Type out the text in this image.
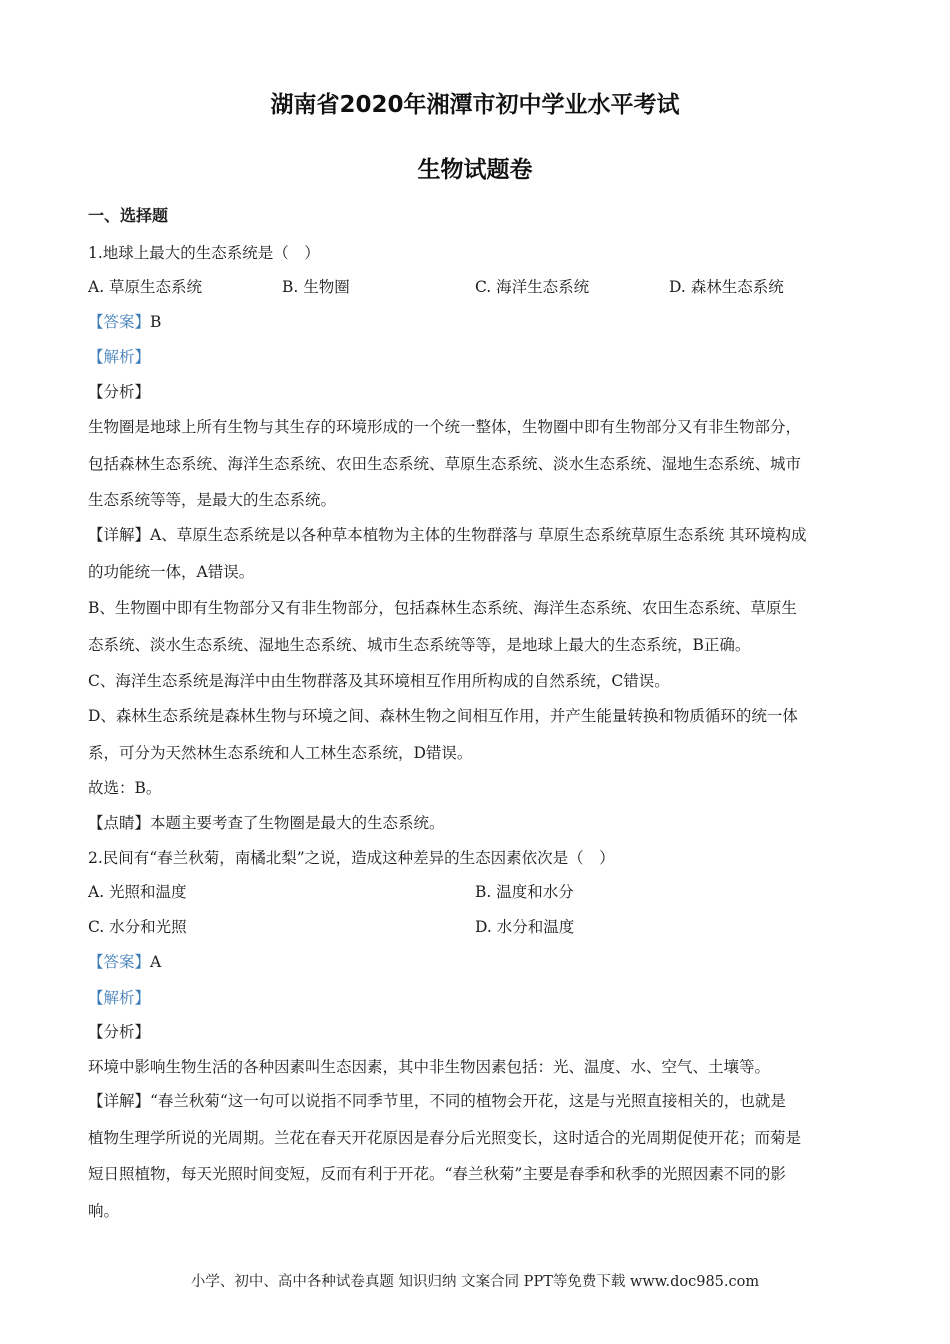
湖南省2020年湘潭市初中学业水平考试
生物试题卷
一、选择题
1.地球上最大的生态系统是（　）
A. 草原生态系统	B. 生物圈	C. 海洋生态系统	D. 森林生态系统
【答案】B
【解析】
【分析】
生物圈是地球上所有生物与其生存的环境形成的一个统一整体，生物圈中即有生物部分又有非生物部分，
包括森林生态系统、海洋生态系统、农田生态系统、草原生态系统、淡水生态系统、湿地生态系统、城市
生态系统等等，是最大的生态系统。
【详解】A、草原生态系统是以各种草本植物为主体的生物群落与 草原生态系统草原生态系统 其环境构成
的功能统一体，A错误。
B、生物圈中即有生物部分又有非生物部分，包括森林生态系统、海洋生态系统、农田生态系统、草原生
态系统、淡水生态系统、湿地生态系统、城市生态系统等等，是地球上最大的生态系统，B正确。
C、海洋生态系统是海洋中由生物群落及其环境相互作用所构成的自然系统，C错误。
D、森林生态系统是森林生物与环境之间、森林生物之间相互作用，并产生能量转换和物质循环的统一体
系，可分为天然林生态系统和人工林生态系统，D错误。
故选：B。
【点睛】本题主要考查了生物圈是最大的生态系统。
2.民间有“春兰秋菊，南橘北梨”之说，造成这种差异的生态因素依次是（　）
A. 光照和温度	B. 温度和水分
C. 水分和光照	D. 水分和温度
【答案】A
【解析】
【分析】
环境中影响生物生活的各种因素叫生态因素，其中非生物因素包括：光、温度、水、空气、土壤等。
【详解】“春兰秋菊“这一句可以说指不同季节里，不同的植物会开花，这是与光照直接相关的，也就是
植物生理学所说的光周期。兰花在春天开花原因是春分后光照变长，这时适合的光周期促使开花；而菊是
短日照植物，每天光照时间变短，反而有利于开花。“春兰秋菊”主要是春季和秋季的光照因素不同的影
响。
小学、初中、高中各种试卷真题 知识归纳 文案合同 PPT等免费下载 www.doc985.com
